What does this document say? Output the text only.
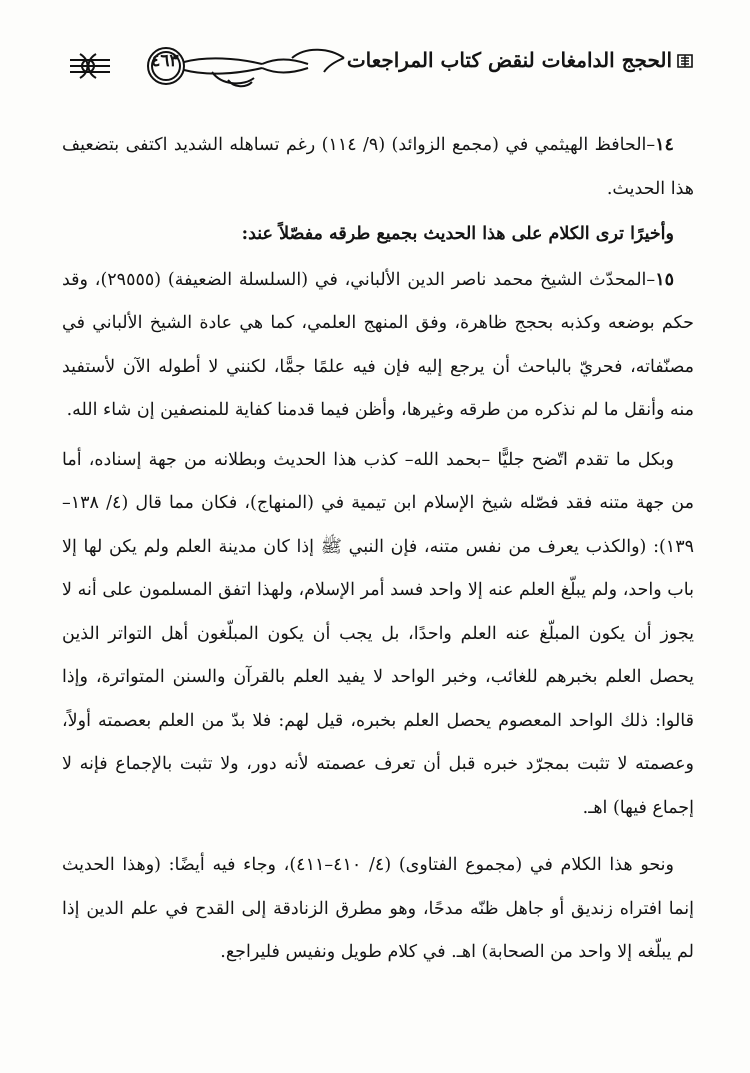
٤٦٣	الحجج الدامغات لنقض كتاب المراجعات

١٤–الحافظ الهيثمي في (مجمع الزوائد) (٩/ ١١٤) رغم تساهله الشديد اكتفى بتضعيف هذا الحديث.

وأخيرًا ترى الكلام على هذا الحديث بجميع طرقه مفصّلاً عند:

١٥–المحدّث الشيخ محمد ناصر الدين الألباني، في (السلسلة الضعيفة) (٢٩٥٥٥)، وقد حكم بوضعه وكذبه بحجج ظاهرة، وفق المنهج العلمي، كما هي عادة الشيخ الألباني في مصنّفاته، فحريّ بالباحث أن يرجع إليه فإن فيه علمًا جمًّا، لكنني لا أطوله الآن لأستفيد منه وأنقل ما لم نذكره من طرقه وغيرها، وأظن فيما قدمنا كفاية للمنصفين إن شاء الله.

وبكل ما تقدم اتّضح جليًّا –بحمد الله– كذب هذا الحديث وبطلانه من جهة إسناده، أما من جهة متنه فقد فصّله شيخ الإسلام ابن تيمية في (المنهاج)، فكان مما قال (٤/ ١٣٨–١٣٩): (والكذب يعرف من نفس متنه، فإن النبي ﷺ إذا كان مدينة العلم ولم يكن لها إلا باب واحد، ولم يبلّغ العلم عنه إلا واحد فسد أمر الإسلام، ولهذا اتفق المسلمون على أنه لا يجوز أن يكون المبلّغ عنه العلم واحدًا، بل يجب أن يكون المبلّغون أهل التواتر الذين يحصل العلم بخبرهم للغائب، وخبر الواحد لا يفيد العلم بالقرآن والسنن المتواترة، وإذا قالوا: ذلك الواحد المعصوم يحصل العلم بخبره، قيل لهم: فلا بدّ من العلم بعصمته أولاً، وعصمته لا تثبت بمجرّد خبره قبل أن تعرف عصمته لأنه دور، ولا تثبت بالإجماع فإنه لا إجماع فيها) اهـ.

ونحو هذا الكلام في (مجموع الفتاوى) (٤/ ٤١٠–٤١١)، وجاء فيه أيضًا: (وهذا الحديث إنما افتراه زنديق أو جاهل ظنّه مدحًا، وهو مطرق الزنادقة إلى القدح في علم الدين إذا لم يبلّغه إلا واحد من الصحابة) اهـ. في كلام طويل ونفيس فليراجع.
